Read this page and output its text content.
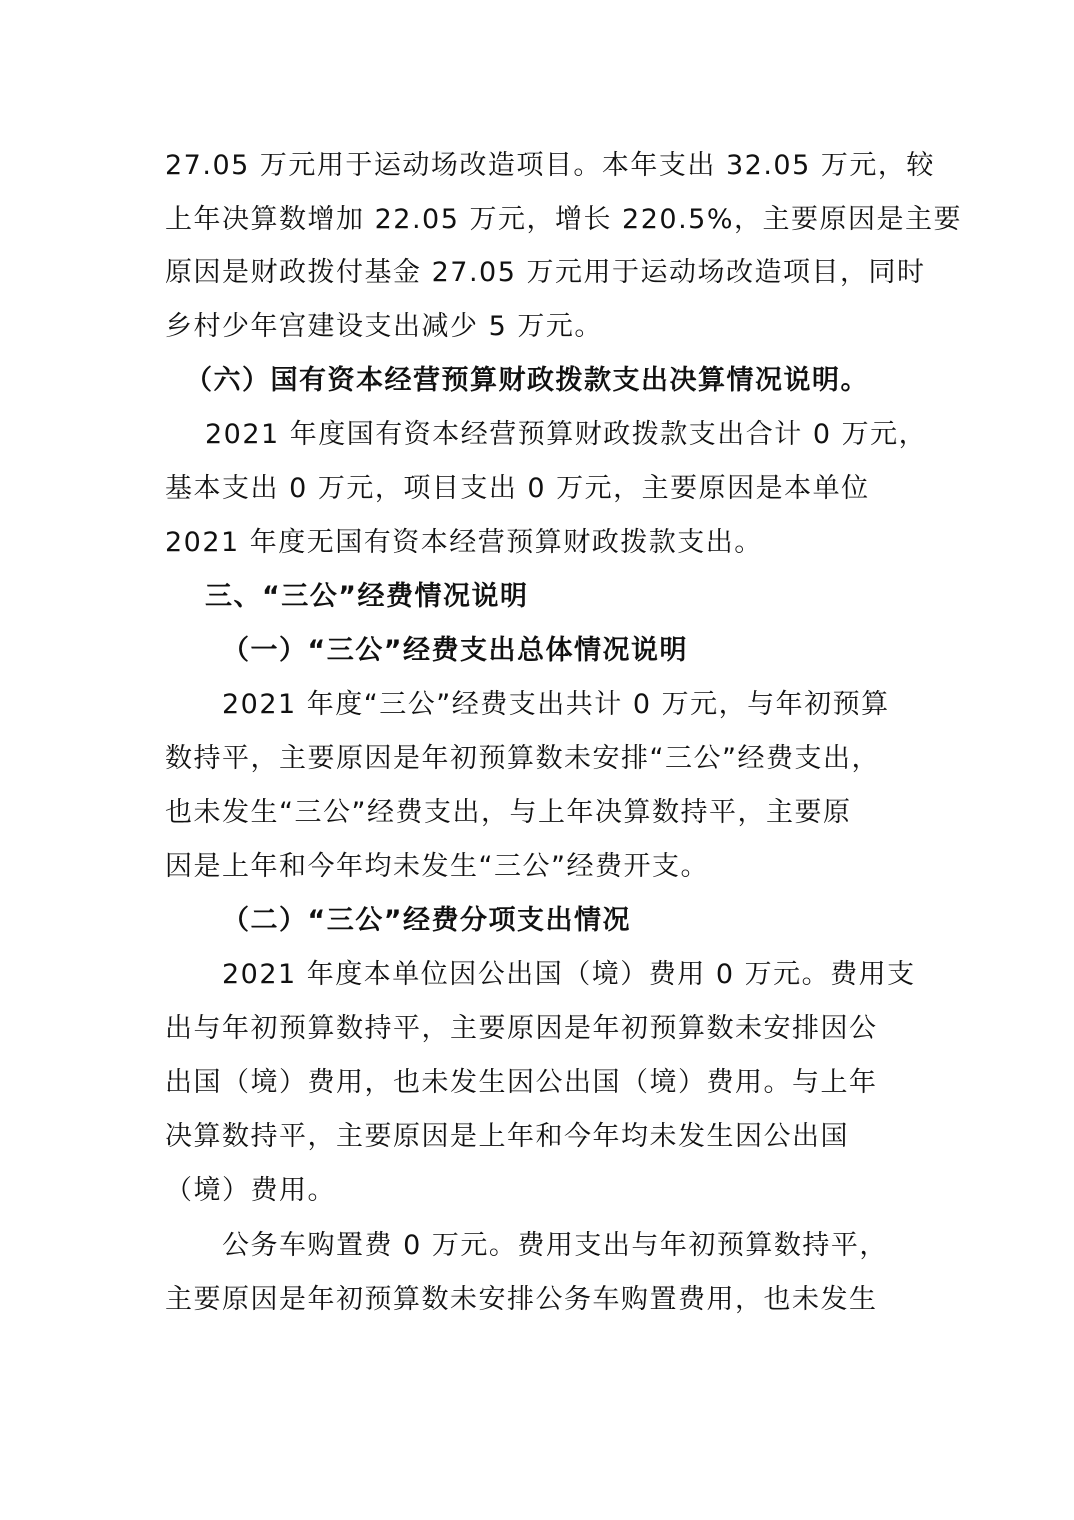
27.05 万元用于运动场改造项目。本年支出 32.05 万元，较
上年决算数增加 22.05 万元，增长 220.5%，主要原因是主要
原因是财政拨付基金 27.05 万元用于运动场改造项目，同时
乡村少年宫建设支出减少 5 万元。
（六）国有资本经营预算财政拨款支出决算情况说明。
2021 年度国有资本经营预算财政拨款支出合计 0 万元，
基本支出 0 万元，项目支出 0 万元，主要原因是本单位
2021 年度无国有资本经营预算财政拨款支出。
三、“三公”经费情况说明
（一）“三公”经费支出总体情况说明
2021 年度“三公”经费支出共计 0 万元，与年初预算
数持平，主要原因是年初预算数未安排“三公”经费支出，
也未发生“三公”经费支出，与上年决算数持平，主要原
因是上年和今年均未发生“三公”经费开支。
（二）“三公”经费分项支出情况
2021 年度本单位因公出国（境）费用 0 万元。费用支
出与年初预算数持平，主要原因是年初预算数未安排因公
出国（境）费用，也未发生因公出国（境）费用。与上年
决算数持平，主要原因是上年和今年均未发生因公出国
（境）费用。
公务车购置费 0 万元。费用支出与年初预算数持平，
主要原因是年初预算数未安排公务车购置费用，也未发生
